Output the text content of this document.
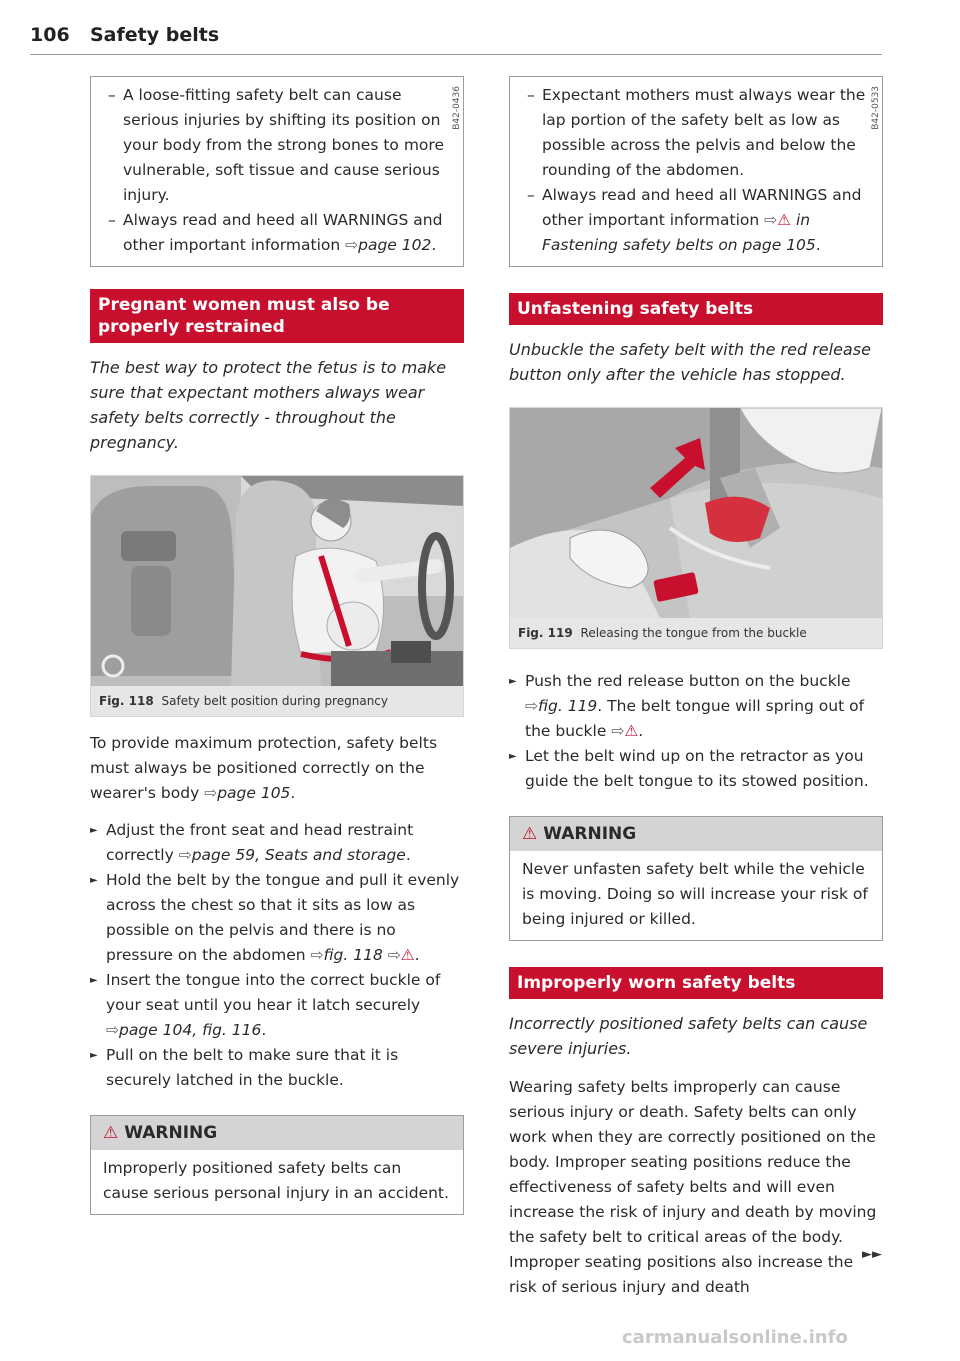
106 Safety belts
– A loose-fitting safety belt can cause serious injuries by shifting its position on your body from the strong bones to more vulnerable, soft tissue and cause serious injury.
– Always read and heed all WARNINGS and other important information ⇨page 102.
Pregnant women must also be properly restrained

The best way to protect the fetus is to make sure that expectant mothers always wear safety belts correctly - throughout the pregnancy.

B42-0436
Fig. 118 Safety belt position during pregnancy

To provide maximum protection, safety belts must always be positioned correctly on the wearer's body ⇨page 105.

► Adjust the front seat and head restraint correctly ⇨page 59, Seats and storage.
► Hold the belt by the tongue and pull it evenly across the chest so that it sits as low as possible on the pelvis and there is no pressure on the abdomen ⇨fig. 118 ⇨⚠.
► Insert the tongue into the correct buckle of your seat until you hear it latch securely ⇨page 104, fig. 116.
► Pull on the belt to make sure that it is securely latched in the buckle.
⚠ WARNING
Improperly positioned safety belts can cause serious personal injury in an accident.
– Expectant mothers must always wear the lap portion of the safety belt as low as possible across the pelvis and below the rounding of the abdomen.
– Always read and heed all WARNINGS and other important information ⇨⚠ in Fastening safety belts on page 105.
Unfastening safety belts

Unbuckle the safety belt with the red release button only after the vehicle has stopped.

B42-0533
Fig. 119 Releasing the tongue from the buckle
► Push the red release button on the buckle ⇨fig. 119. The belt tongue will spring out of the buckle ⇨⚠.
► Let the belt wind up on the retractor as you guide the belt tongue to its stowed position.
⚠ WARNING
Never unfasten safety belt while the vehicle is moving. Doing so will increase your risk of being injured or killed.
Improperly worn safety belts

Incorrectly positioned safety belts can cause severe injuries.

Wearing safety belts improperly can cause serious injury or death. Safety belts can only work when they are correctly positioned on the body. Improper seating positions reduce the effectiveness of safety belts and will even increase the risk of injury and death by moving the safety belt to critical areas of the body. Improper seating positions also increase the risk of serious injury and death

►►
carmanualsonline.info
